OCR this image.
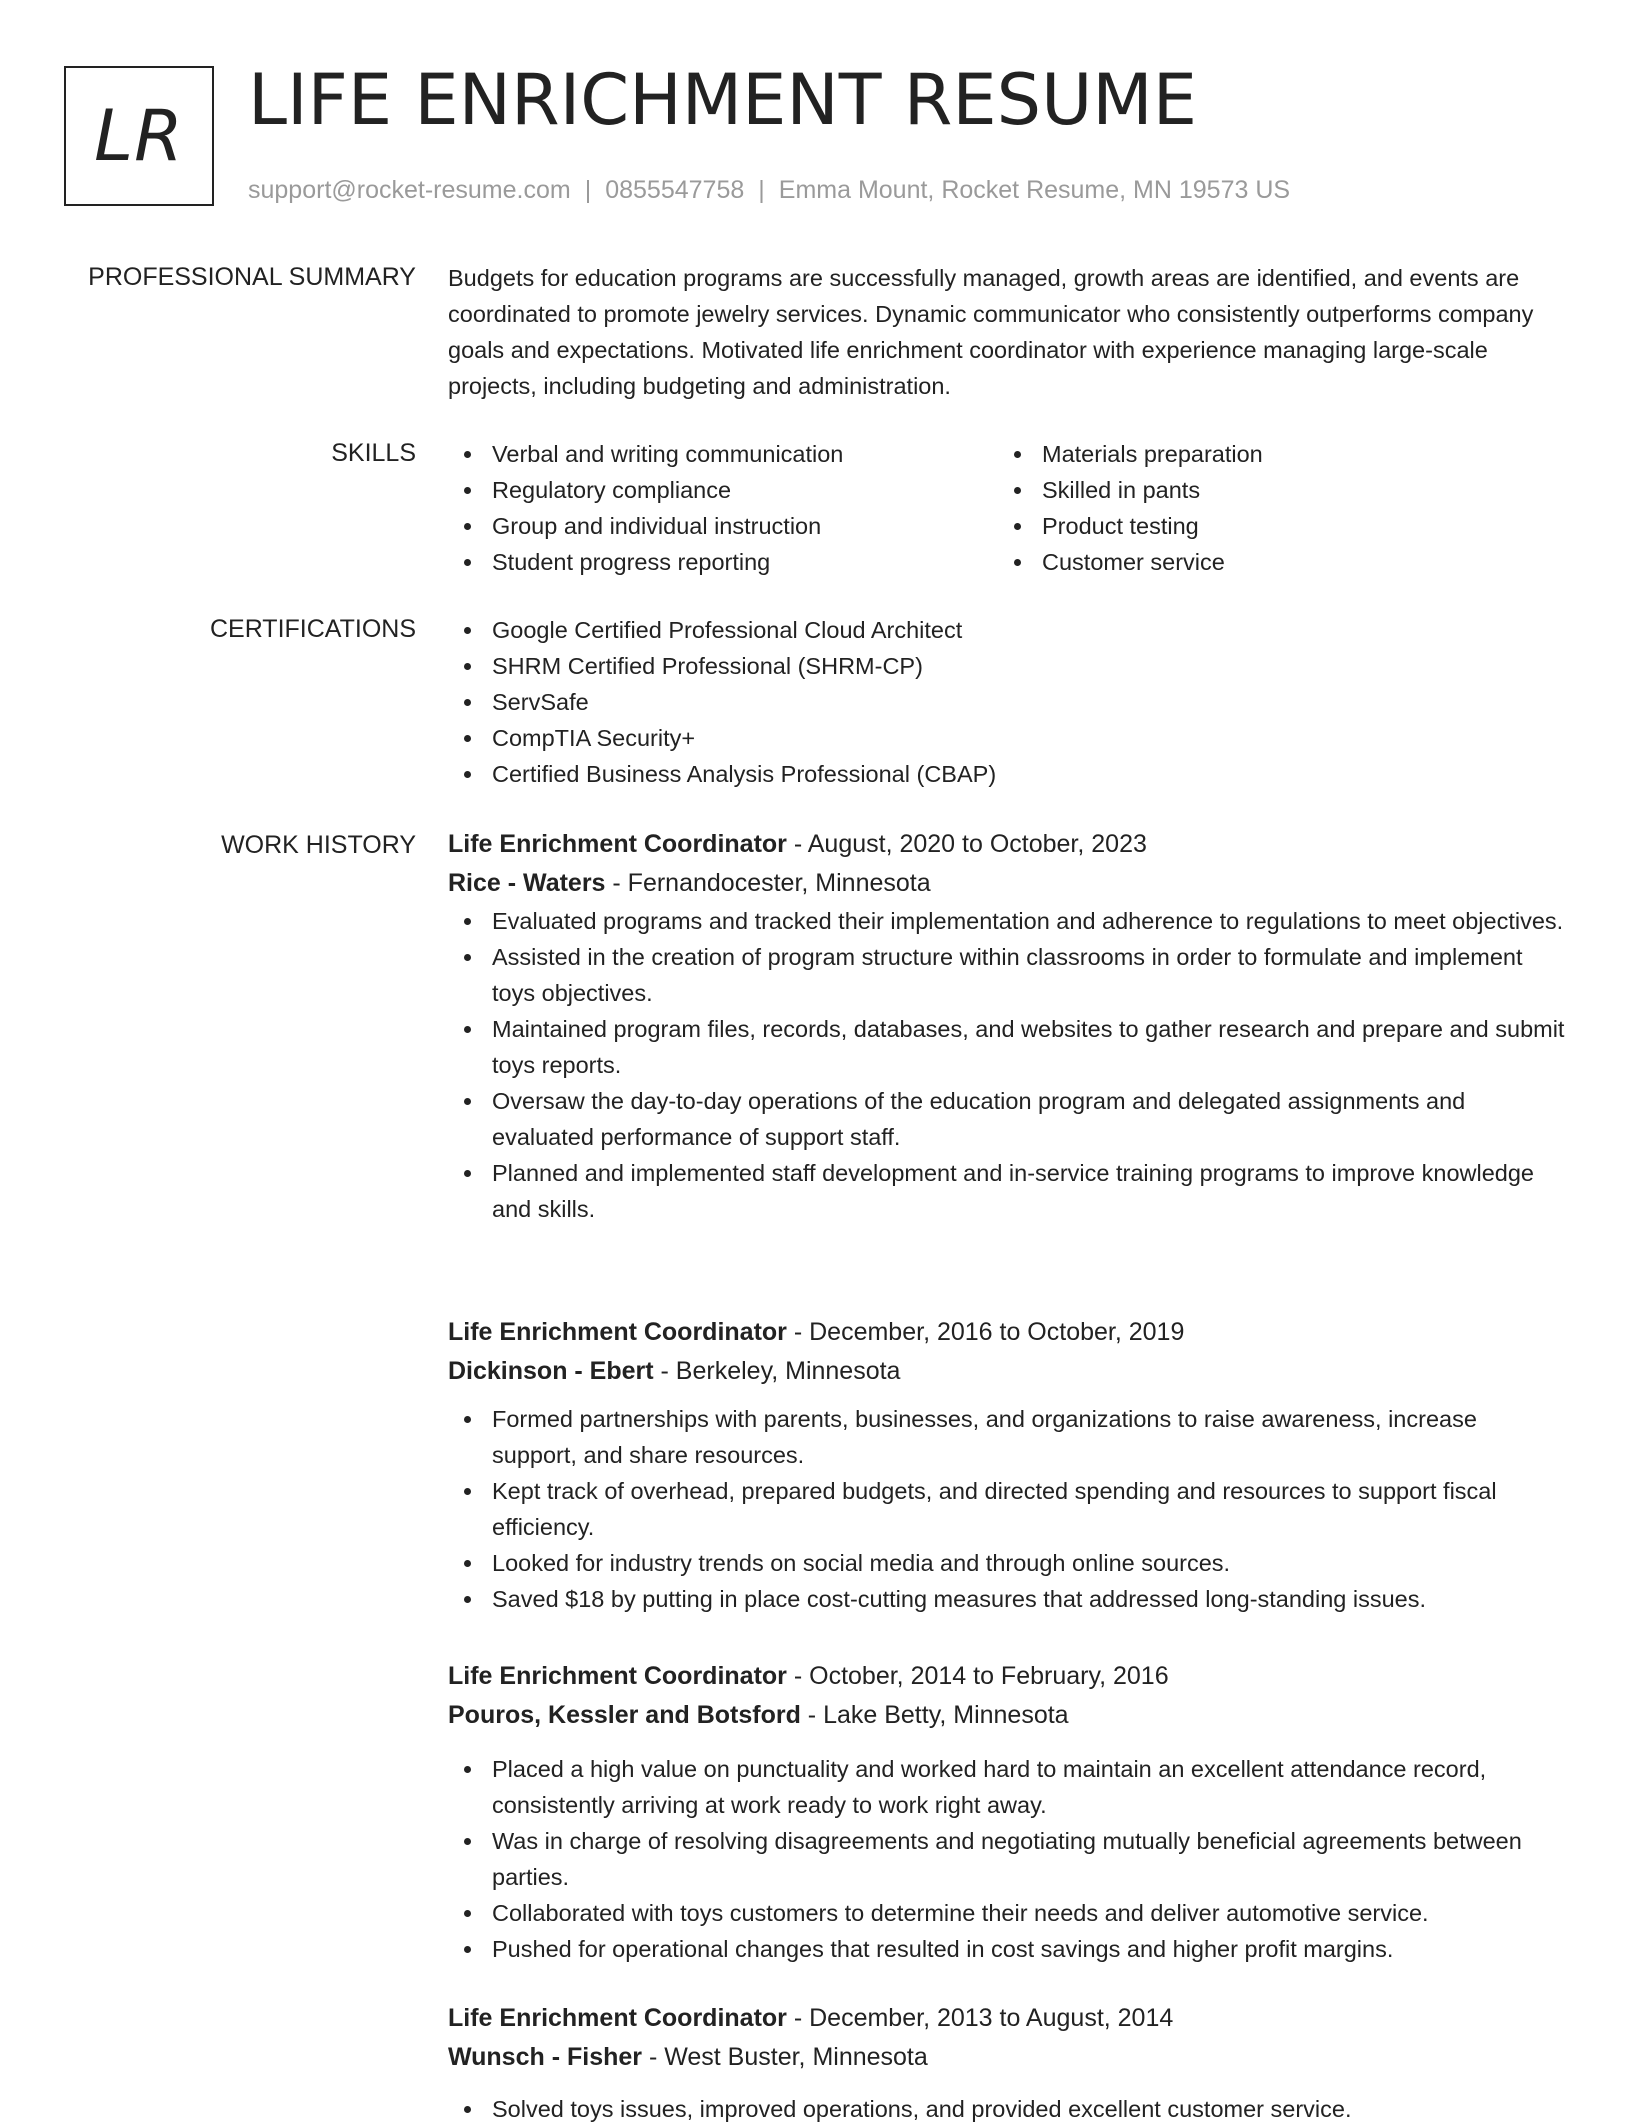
LR LIFE ENRICHMENT RESUME
support@rocket-resume.com | 0855547758 | Emma Mount, Rocket Resume, MN 19573 US
PROFESSIONAL SUMMARY Budgets for education programs are successfully managed, growth areas are identified, and events are coordinated to promote jewelry services. Dynamic communicator who consistently outperforms company goals and expectations. Motivated life enrichment coordinator with experience managing large-scale projects, including budgeting and administration.

SKILLS	Verbal and writing communication
Regulatory compliance
Group and individual instruction
Student progress reporting
Materials preparation
Skilled in pants
Product testing
Customer service
CERTIFICATIONS	Google Certified Professional Cloud Architect
SHRM Certified Professional (SHRM-CP)
ServSafe
CompTIA Security+
Certified Business Analysis Professional (CBAP)
WORK HISTORY Life Enrichment Coordinator - August, 2020 to October, 2023
Rice - Waters - Fernandocester, Minnesota
Evaluated programs and tracked their implementation and adherence to regulations to meet objectives.
Assisted in the creation of program structure within classrooms in order to formulate and implement toys objectives.
Maintained program files, records, databases, and websites to gather research and prepare and submit toys reports.
Oversaw the day-to-day operations of the education program and delegated assignments and evaluated performance of support staff.
Planned and implemented staff development and in-service training programs to improve knowledge and skills.
Life Enrichment Coordinator - December, 2016 to October, 2019
Dickinson - Ebert - Berkeley, Minnesota
Formed partnerships with parents, businesses, and organizations to raise awareness, increase support, and share resources.
Kept track of overhead, prepared budgets, and directed spending and resources to support fiscal efficiency.
Looked for industry trends on social media and through online sources.
Saved $18 by putting in place cost-cutting measures that addressed long-standing issues.
Life Enrichment Coordinator - October, 2014 to February, 2016
Pouros, Kessler and Botsford - Lake Betty, Minnesota
Placed a high value on punctuality and worked hard to maintain an excellent attendance record, consistently arriving at work ready to work right away.
Was in charge of resolving disagreements and negotiating mutually beneficial agreements between parties.
Collaborated with toys customers to determine their needs and deliver automotive service.
Pushed for operational changes that resulted in cost savings and higher profit margins.
Life Enrichment Coordinator - December, 2013 to August, 2014
Wunsch - Fisher - West Buster, Minnesota
Solved toys issues, improved operations, and provided excellent customer service.
